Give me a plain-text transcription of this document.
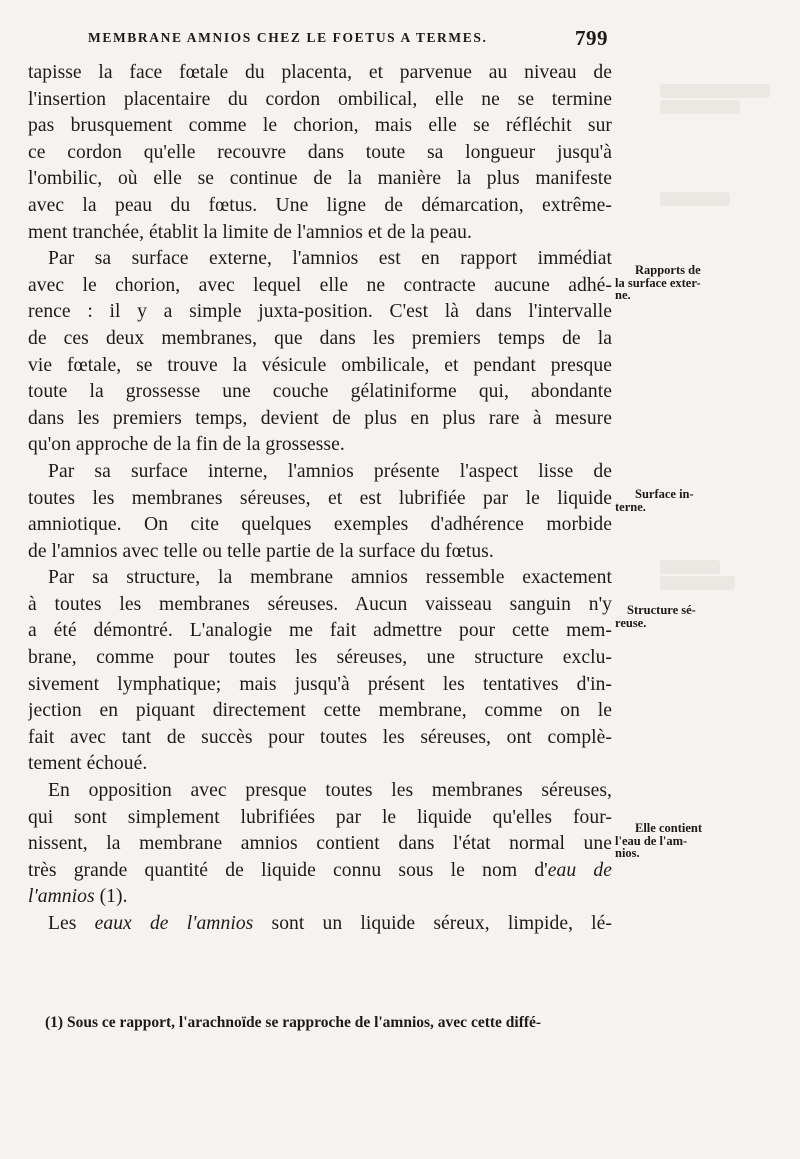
MEMBRANE AMNIOS CHEZ LE FOETUS A TERMES.	799
tapisse la face fœtale du placenta, et parvenue au niveau de
l'insertion placentaire du cordon ombilical, elle ne se termine
pas brusquement comme le chorion, mais elle se réfléchit sur
ce cordon qu'elle recouvre dans toute sa longueur jusqu'à
l'ombilic, où elle se continue de la manière la plus manifeste
avec la peau du fœtus. Une ligne de démarcation, extrême-
ment tranchée, établit la limite de l'amnios et de la peau.
Par sa surface externe, l'amnios est en rapport immédiat
avec le chorion, avec lequel elle ne contracte aucune adhé-
rence : il y a simple juxta-position. C'est là dans l'intervalle
de ces deux membranes, que dans les premiers temps de la
vie fœtale, se trouve la vésicule ombilicale, et pendant presque
toute la grossesse une couche gélatiniforme qui, abondante
dans les premiers temps, devient de plus en plus rare à mesure
qu'on approche de la fin de la grossesse.
Par sa surface interne, l'amnios présente l'aspect lisse de
toutes les membranes séreuses, et est lubrifiée par le liquide
amniotique. On cite quelques exemples d'adhérence morbide
de l'amnios avec telle ou telle partie de la surface du fœtus.
Par sa structure, la membrane amnios ressemble exactement
à toutes les membranes séreuses. Aucun vaisseau sanguin n'y
a été démontré. L'analogie me fait admettre pour cette mem-
brane, comme pour toutes les séreuses, une structure exclu-
sivement lymphatique; mais jusqu'à présent les tentatives d'in-
jection en piquant directement cette membrane, comme on le
fait avec tant de succès pour toutes les séreuses, ont complè-
tement échoué.
En opposition avec presque toutes les membranes séreuses,
qui sont simplement lubrifiées par le liquide qu'elles four-
nissent, la membrane amnios contient dans l'état normal une
très grande quantité de liquide connu sous le nom d'eau de
l'amnios (1).
Les eaux de l'amnios sont un liquide séreux, limpide, lé-
Rapports de
la surface exter-
ne.
Surface in-
terne.
Structure sé-
reuse.
Elle contient
l'eau de l'am-
nios.
(1) Sous ce rapport, l'arachnoïde se rapproche de l'amnios, avec cette diffé-
